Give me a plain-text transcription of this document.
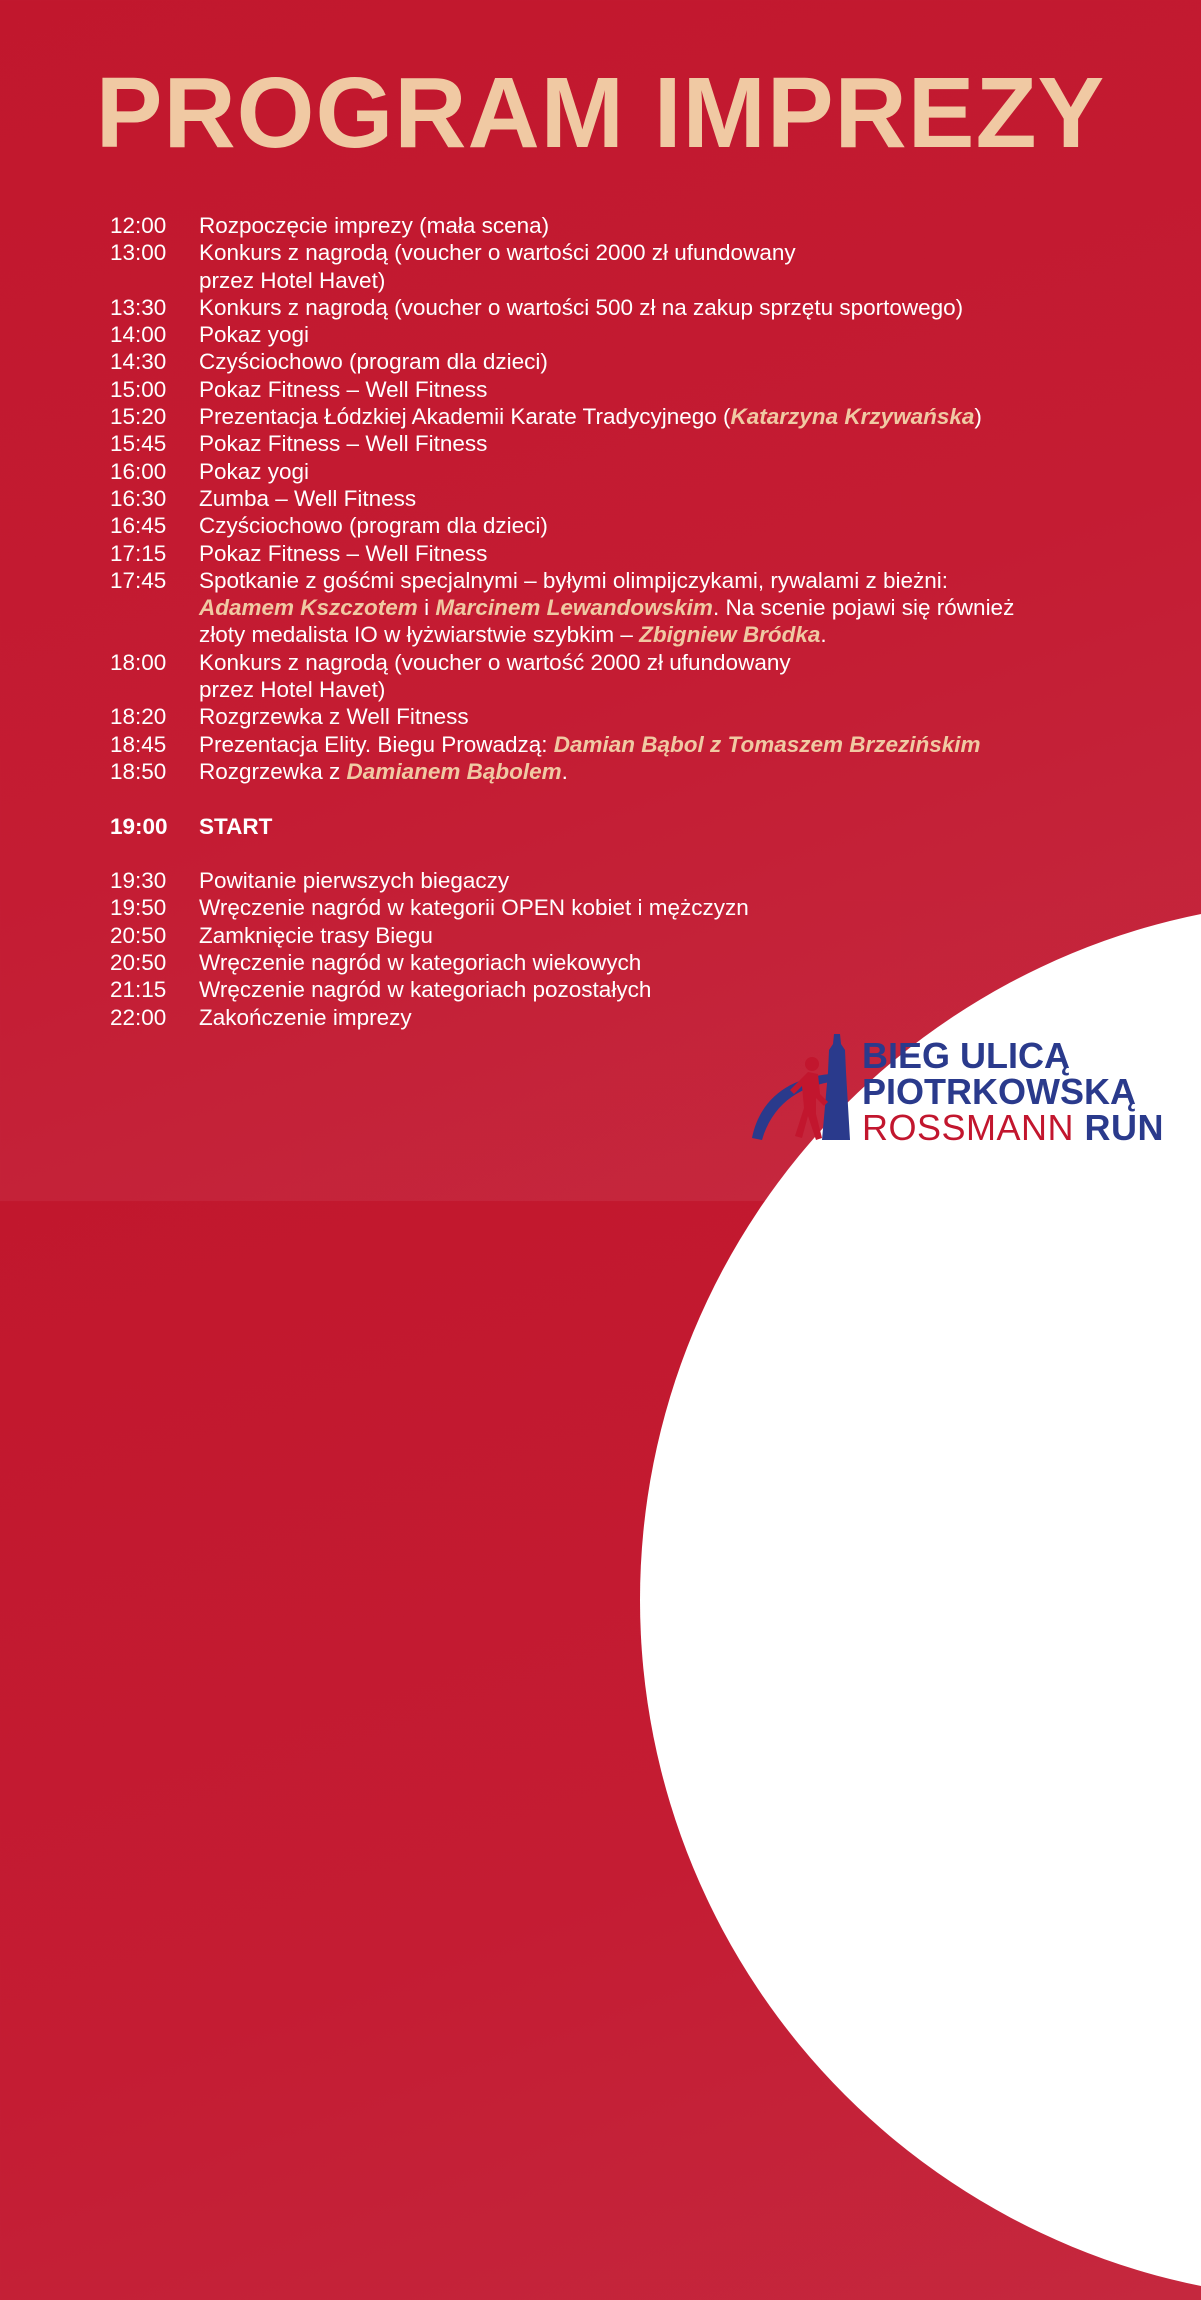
PROGRAM IMPREZY
12:00	Rozpoczęcie imprezy (mała scena)
13:00	Konkurs z nagrodą (voucher o wartości 2000 zł ufundowany
przez Hotel Havet)
13:30	Konkurs z nagrodą (voucher o wartości 500 zł na zakup sprzętu sportowego)
14:00	Pokaz yogi
14:30	Czyściochowo (program dla dzieci)
15:00	Pokaz Fitness – Well Fitness
15:20	Prezentacja Łódzkiej Akademii Karate Tradycyjnego (Katarzyna Krzywańska)
15:45	Pokaz Fitness – Well Fitness
16:00	Pokaz yogi
16:30	Zumba – Well Fitness
16:45	Czyściochowo (program dla dzieci)
17:15	Pokaz Fitness – Well Fitness
17:45	Spotkanie z gośćmi specjalnymi – byłymi olimpijczykami, rywalami z bieżni:
Adamem Kszczotem i Marcinem Lewandowskim. Na scenie pojawi się również
złoty medalista IO w łyżwiarstwie szybkim – Zbigniew Bródka.
18:00	Konkurs z nagrodą (voucher o wartość 2000 zł ufundowany
przez Hotel Havet)
18:20	Rozgrzewka z Well Fitness
18:45	Prezentacja Elity. Biegu Prowadzą: Damian Bąbol z Tomaszem Brzezińskim
18:50	Rozgrzewka z Damianem Bąbolem.
19:00	START
19:30	Powitanie pierwszych biegaczy
19:50	Wręczenie nagród w kategorii OPEN kobiet i mężczyzn
20:50	Zamknięcie trasy Biegu
20:50	Wręczenie nagród w kategoriach wiekowych
21:15	Wręczenie nagród w kategoriach pozostałych
22:00	Zakończenie imprezy
BIEG ULICĄ
PIOTRKOWSKĄ
ROSSMANN RUN
